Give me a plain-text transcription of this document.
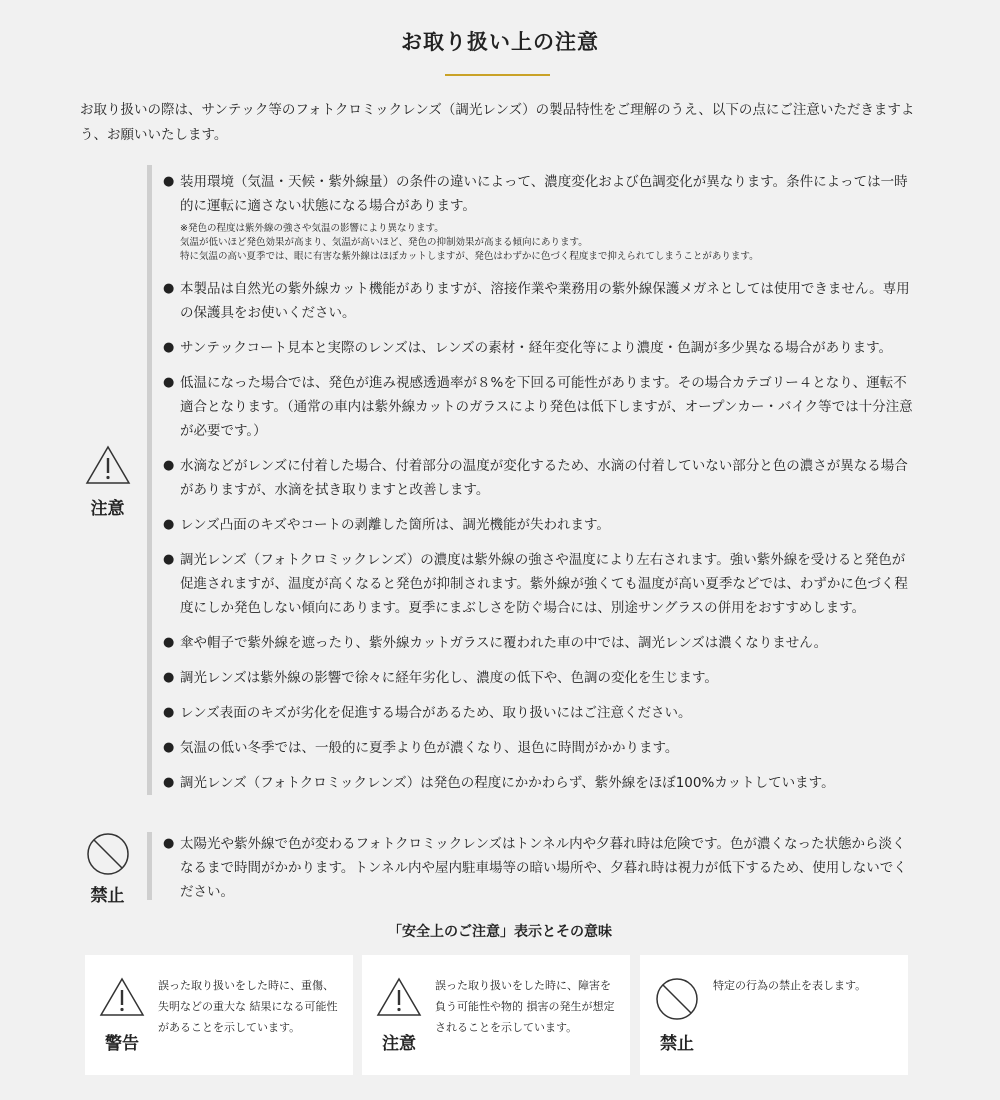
お取り扱い上の注意
お取り扱いの際は、サンテック等のフォトクロミックレンズ（調光レンズ）の製品特性をご理解のうえ、以下の点にご注意いただきますよう、お願いいたします。
注意
● 装用環境（気温・天候・紫外線量）の条件の違いによって、濃度変化および色調変化が異なります。条件によっては一時的に運転に適さない状態になる場合があります。
※発色の程度は紫外線の強さや気温の影響により異なります。
気温が低いほど発色効果が高まり、気温が高いほど、発色の抑制効果が高まる傾向にあります。
特に気温の高い夏季では、眼に有害な紫外線はほぼカットしますが、発色はわずかに色づく程度まで抑えられてしまうことがあります。
● 本製品は自然光の紫外線カット機能がありますが、溶接作業や業務用の紫外線保護メガネとしては使用できません。専用の保護具をお使いください。
● サンテックコート見本と実際のレンズは、レンズの素材・経年変化等により濃度・色調が多少異なる場合があります。
● 低温になった場合では、発色が進み視感透過率が８%を下回る可能性があります。その場合カテゴリー４となり、運転不適合となります。（通常の車内は紫外線カットのガラスにより発色は低下しますが、オープンカー・バイク等では十分注意が必要です。）
● 水滴などがレンズに付着した場合、付着部分の温度が変化するため、水滴の付着していない部分と色の濃さが異なる場合がありますが、水滴を拭き取りますと改善します。
● レンズ凸面のキズやコートの剥離した箇所は、調光機能が失われます。
● 調光レンズ（フォトクロミックレンズ）の濃度は紫外線の強さや温度により左右されます。強い紫外線を受けると発色が促進されますが、温度が高くなると発色が抑制されます。紫外線が強くても温度が高い夏季などでは、わずかに色づく程度にしか発色しない傾向にあります。夏季にまぶしさを防ぐ場合には、別途サングラスの併用をおすすめします。
● 傘や帽子で紫外線を遮ったり、紫外線カットガラスに覆われた車の中では、調光レンズは濃くなりません。
● 調光レンズは紫外線の影響で徐々に経年劣化し、濃度の低下や、色調の変化を生じます。
● レンズ表面のキズが劣化を促進する場合があるため、取り扱いにはご注意ください。
● 気温の低い冬季では、一般的に夏季より色が濃くなり、退色に時間がかかります。
● 調光レンズ（フォトクロミックレンズ）は発色の程度にかかわらず、紫外線をほぼ100%カットしています。
禁止
● 太陽光や紫外線で色が変わるフォトクロミックレンズはトンネル内や夕暮れ時は危険です。色が濃くなった状態から淡くなるまで時間がかかります。トンネル内や屋内駐車場等の暗い場所や、夕暮れ時は視力が低下するため、使用しないでください。
「安全上のご注意」表示とその意味
警告
誤った取り扱いをした時に、重傷、失明などの重大な 結果になる可能性があることを示しています。
注意
誤った取り扱いをした時に、障害を負う可能性や物的 損害の発生が想定されることを示しています。
禁止
特定の行為の禁止を表します。
